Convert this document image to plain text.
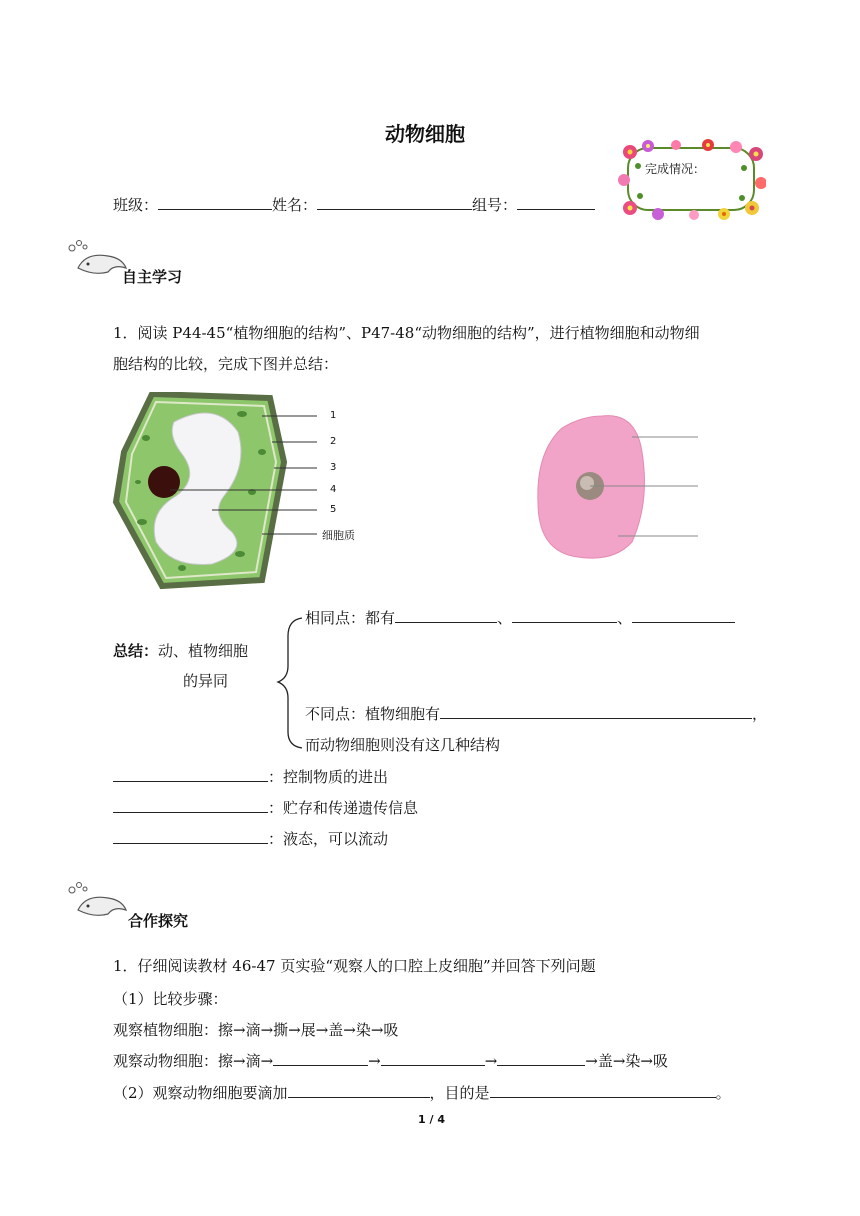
动物细胞
完成情况：
班级：	姓名：	组号：
自主学习
1．阅读 P44-45“植物细胞的结构”、P47-48“动物细胞的结构”，进行植物细胞和动物细
胞结构的比较，完成下图并总结：
1
2
3
4
5
细胞质
总结：动、植物细胞
的异同
相同点：都有	、	、
不同点：植物细胞有	，
而动物细胞则没有这几种结构
：控制物质的进出
：贮存和传递遗传信息
：液态，可以流动
合作探究
1．仔细阅读教材 46-47 页实验“观察人的口腔上皮细胞”并回答下列问题
（1）比较步骤：
观察植物细胞：擦→滴→撕→展→盖→染→吸
观察动物细胞：擦→滴→	→	→	→盖→染→吸
（2）观察动物细胞要滴加	，目的是	。
1 / 4
